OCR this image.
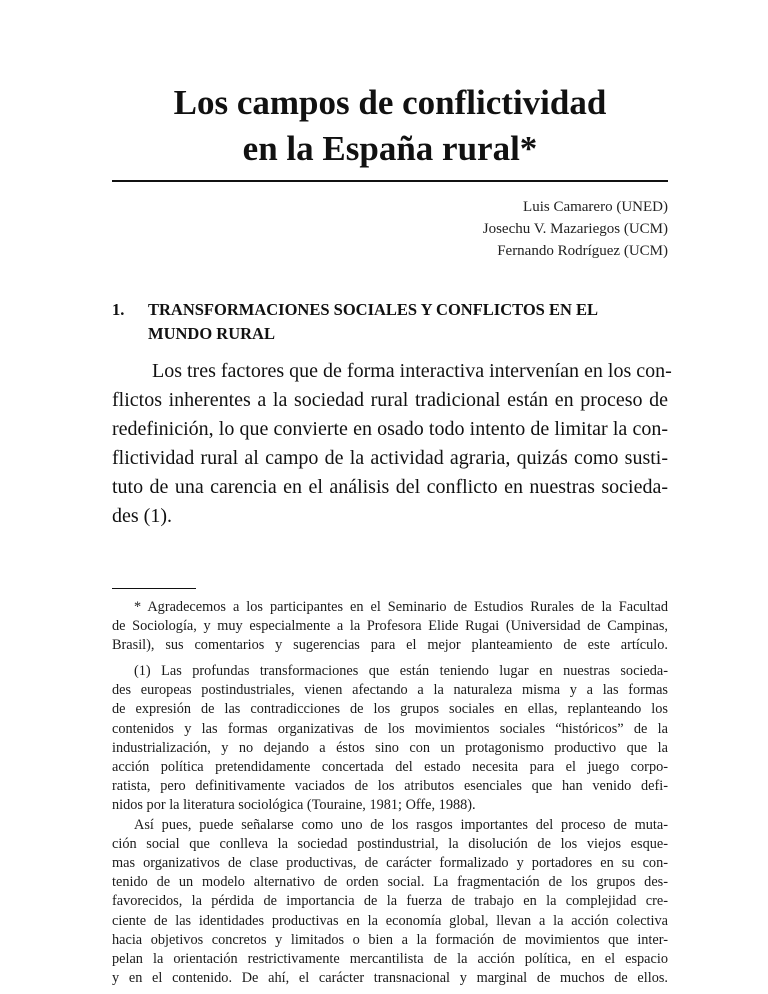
Los campos de conflictividad
en la España rural*
Luis Camarero (UNED)
Josechu V. Mazariegos (UCM)
Fernando Rodríguez (UCM)
1. TRANSFORMACIONES SOCIALES Y CONFLICTOS EN EL
MUNDO RURAL
Los tres factores que de forma interactiva intervenían en los con-
flictos inherentes a la sociedad rural tradicional están en proceso de
redefinición, lo que convierte en osado todo intento de limitar la con-
flictividad rural al campo de la actividad agraria, quizás como susti-
tuto de una carencia en el análisis del conflicto en nuestras socieda-
des (1).
* Agradecemos a los participantes en el Seminario de Estudios Rurales de la Facultad
de Sociología, y muy especialmente a la Profesora Elide Rugai (Universidad de Campinas,
Brasil), sus comentarios y sugerencias para el mejor planteamiento de este artículo.
(1) Las profundas transformaciones que están teniendo lugar en nuestras socieda-
des europeas postindustriales, vienen afectando a la naturaleza misma y a las formas
de expresión de las contradicciones de los grupos sociales en ellas, replanteando los
contenidos y las formas organizativas de los movimientos sociales “históricos” de la
industrialización, y no dejando a éstos sino con un protagonismo productivo que la
acción política pretendidamente concertada del estado necesita para el juego corpo-
ratista, pero definitivamente vaciados de los atributos esenciales que han venido defi-
nidos por la literatura sociológica (Touraine, 1981; Offe, 1988).
Así pues, puede señalarse como uno de los rasgos importantes del proceso de muta-
ción social que conlleva la sociedad postindustrial, la disolución de los viejos esque-
mas organizativos de clase productivas, de carácter formalizado y portadores en su con-
tenido de un modelo alternativo de orden social. La fragmentación de los grupos des-
favorecidos, la pérdida de importancia de la fuerza de trabajo en la complejidad cre-
ciente de las identidades productivas en la economía global, llevan a la acción colectiva
hacia objetivos concretos y limitados o bien a la formación de movimientos que inter-
pelan la orientación restrictivamente mercantilista de la acción política, en el espacio
y en el contenido. De ahí, el carácter transnacional y marginal de muchos de ellos.
